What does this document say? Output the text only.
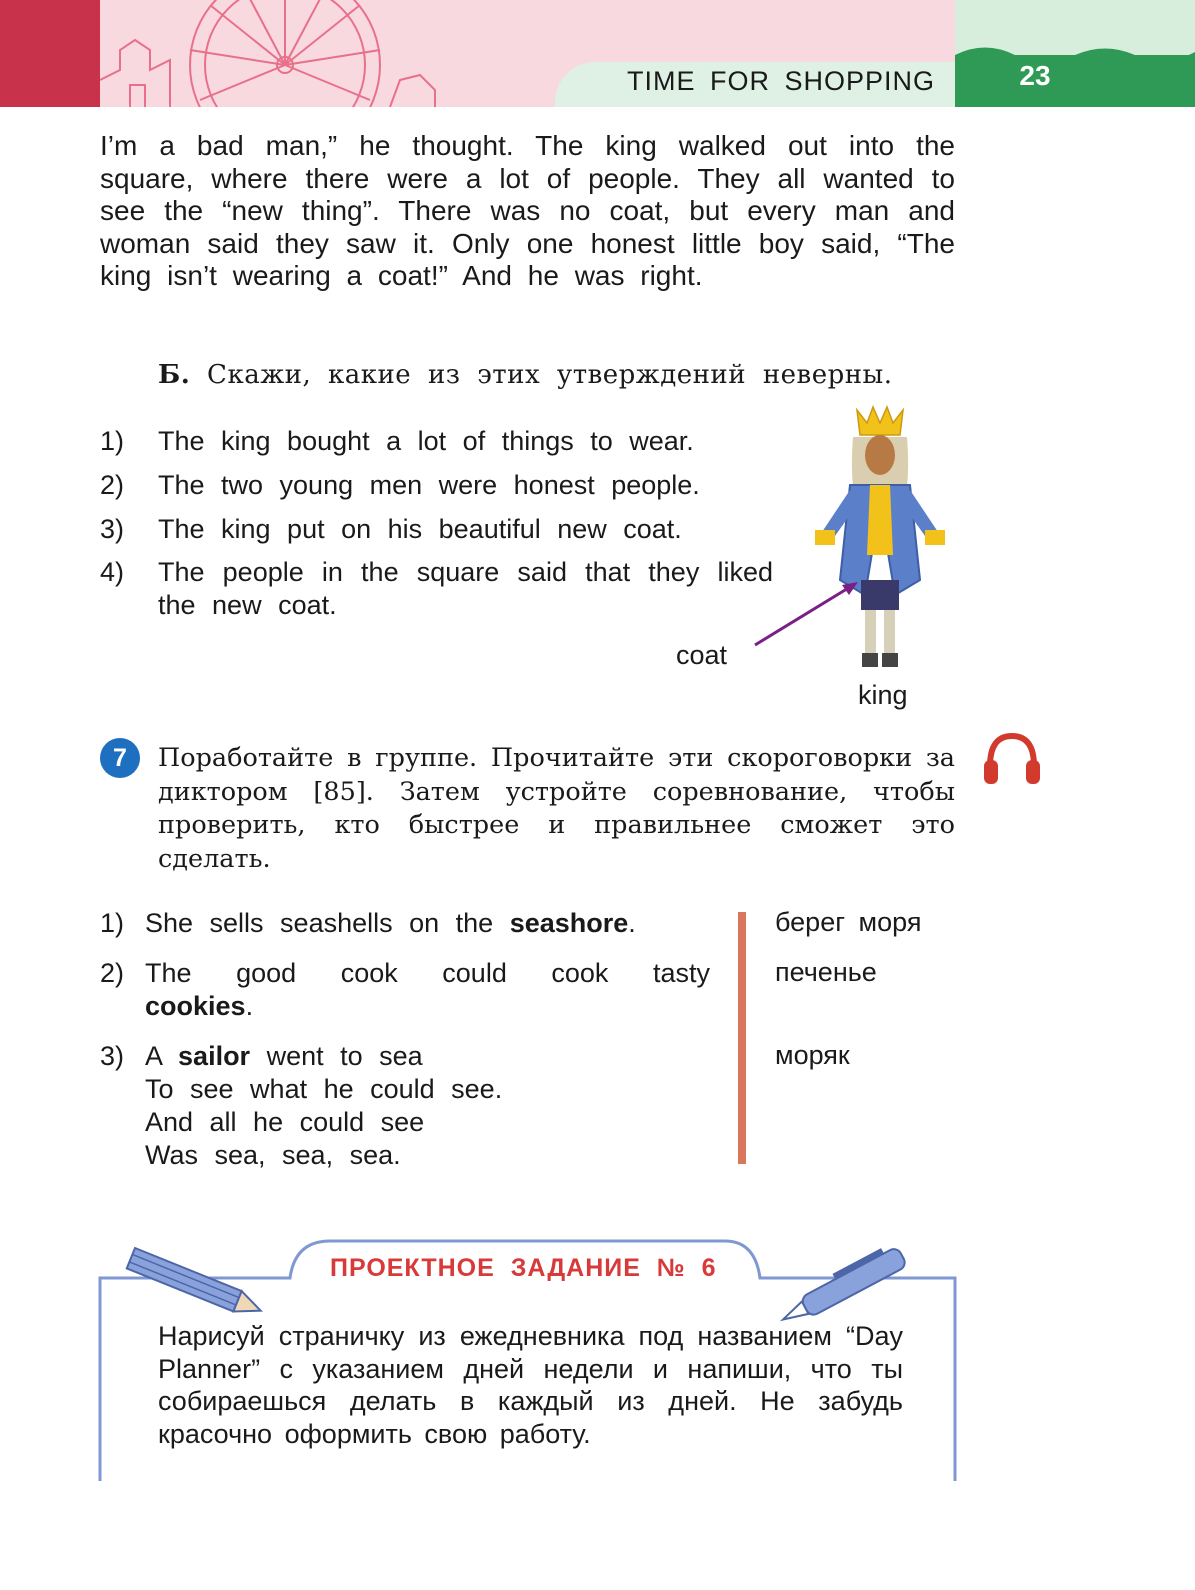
TIME FOR SHOPPING	23
I’m a bad man,” he thought. The king walked out into the square, where there were a lot of people. They all wanted to see the “new thing”. There was no coat, but every man and woman said they saw it. Only one honest little boy said, “The king isn’t wearing a coat!” And he was right.
Б. Скажи, какие из этих утверждений неверны.
1) The king bought a lot of things to wear.
2) The two young men were honest people.
3) The king put on his beautiful new coat.
4) The people in the square said that they liked the new coat.
coat
king
7	Поработайте в группе. Прочитайте эти скороговорки за диктором [85]. Затем устройте соревнование, чтобы проверить, кто быстрее и правильнее сможет это сделать.
1) She sells seashells on the seashore.
2) The good cook could cook tasty
cookies.
3) A sailor went to sea
To see what he could see.
And all he could see
Was sea, sea, sea.
берег моря
печенье
моряк
ПРОЕКТНОЕ ЗАДАНИЕ № 6
Нарисуй страничку из ежедневника под названием “Day Planner” с указанием дней недели и напиши, что ты собираешься делать в каждый из дней. Не забудь красочно оформить свою работу.
